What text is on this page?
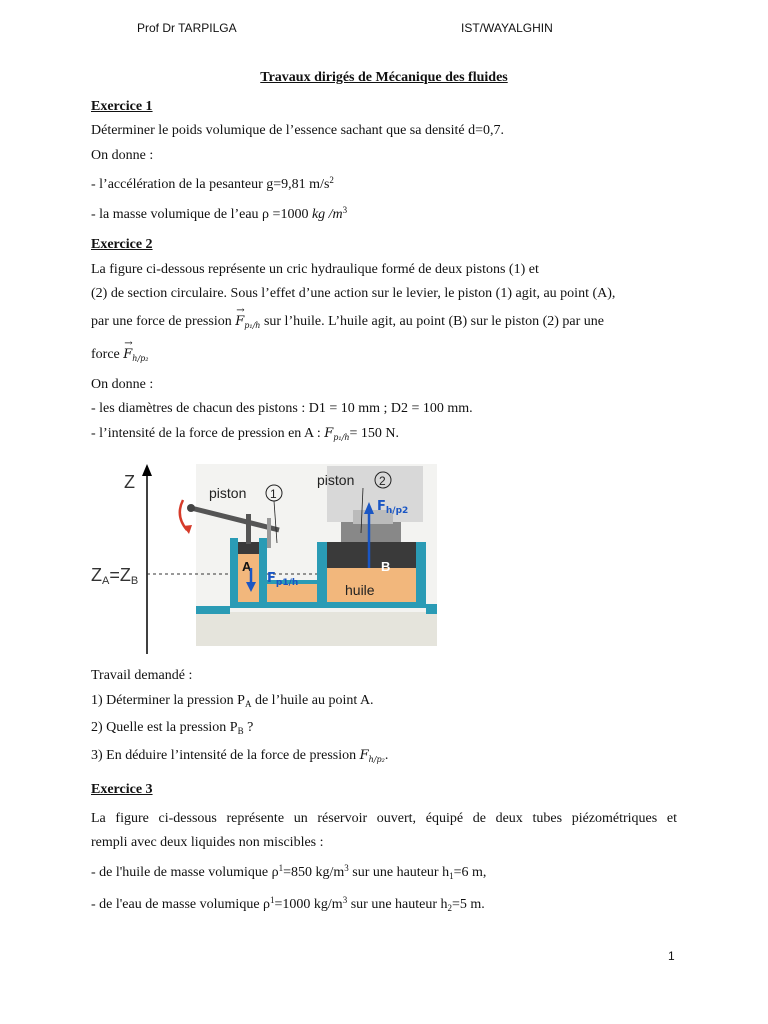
Prof Dr TARPILGA	IST/WAYALGHIN
Travaux dirigés de Mécanique des fluides
Exercice 1
Déterminer le poids volumique de l’essence sachant que sa densité d=0,7.
On donne :
- l’accélération de la pesanteur g=9,81 $m/s^2$
- la masse volumique de l’eau ρ =1000 kg $/m^3$
Exercice 2
La figure ci-dessous représente un cric hydraulique formé de deux pistons (1) et
(2) de section circulaire. Sous l’effet d’une action sur le levier, le piston (1) agit, au point (A),
par une force de pression → $F_{p_1/h}$ sur l’huile. L’huile agit, au point (B) sur le piston (2) par une
force → $F_{h/p_2}$
On donne :
- les diamètres de chacun des pistons : D1 = 10 mm ; D2 = 100 mm.
- l’intensité de la force de pression en A : $F_{p_1/h}= 150$ N.
Z
ZA=ZB
piston 1
piston 2
A	B
$F_{p1/h}$
$F_{h/p2}$
huile
Travail demandé :
1) Déterminer la pression $P_A$ de l’huile au point A.
2) Quelle est la pression $P_B$ ?
3) En déduire l’intensité de la force de pression $F_{h/p_2}$.
Exercice 3
La figure ci-dessous représente un réservoir ouvert, équipé de deux tubes piézométriques et
rempli avec deux liquides non miscibles :
- de l'huile de masse volumique $\rho^1=850$ $kg/m^3$ sur une hauteur $h_1=6$ m,
- de l'eau de masse volumique $\rho^1=1000$ $kg/m^3$ sur une hauteur $h_2=5$ m.
1
